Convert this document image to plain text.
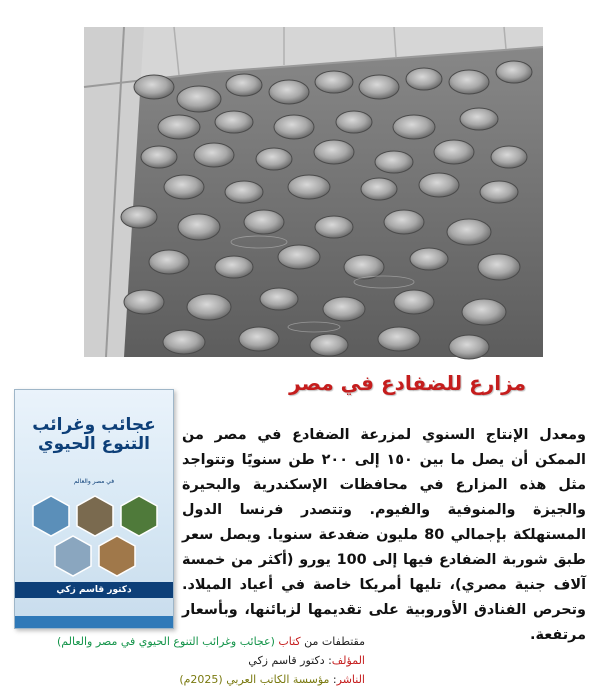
عجائب وغرائب
التنوع الحيوي
في مصر والعالم
دكتور قاسم زكي
مزارع للضفادع في مصر

ومعدل الإنتاج السنوي لمزرعة الضفادع في مصر من الممكن أن يصل ما بين ١٥٠ إلى ٢٠٠ طن سنويًا وتتواجد مثل هذه المزارع في محافظات الإسكندرية والبحيرة والجيزة والمنوفية والفيوم. وتتصدر فرنسا الدول المستهلكة بإجمالي 80 مليون ضفدعة سنويا. ويصل سعر طبق شوربة الضفادع فيها إلى 100 يورو (أكثر من خمسة آلاف جنية مصري)، تليها أمريكا خاصة في أعياد الميلاد. وتحرص الفنادق الأوروبية على تقديمها لزبائنها، وبأسعار مرتفعة.

مقتطفات من كتاب (عجائب وغرائب التنوع الحيوي في مصر والعالم)
المؤلف: دكتور قاسم زكي
الناشر: مؤسسة الكاتب العربي (2025م)
